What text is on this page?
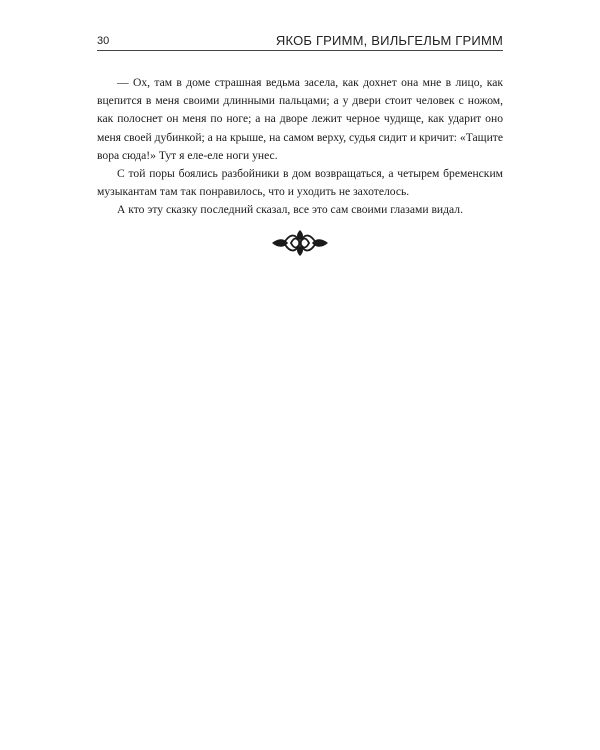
30	ЯКОБ ГРИММ, ВИЛЬГЕЛЬМ ГРИММ

— Ох, там в доме страшная ведьма засела, как дохнет она мне в лицо, как вцепится в меня своими длинными пальцами; а у двери стоит человек с ножом, как полоснет он меня по ноге; а на дворе лежит черное чудище, как ударит оно меня своей дубинкой; а на крыше, на самом верху, судья сидит и кричит: «Тащите вора сюда!» Тут я еле-еле ноги унес.

С той поры боялись разбойники в дом возвращаться, а четырем бременским музыкантам там так понравилось, что и уходить не захотелось.

А кто эту сказку последний сказал, все это сам своими глазами видал.
